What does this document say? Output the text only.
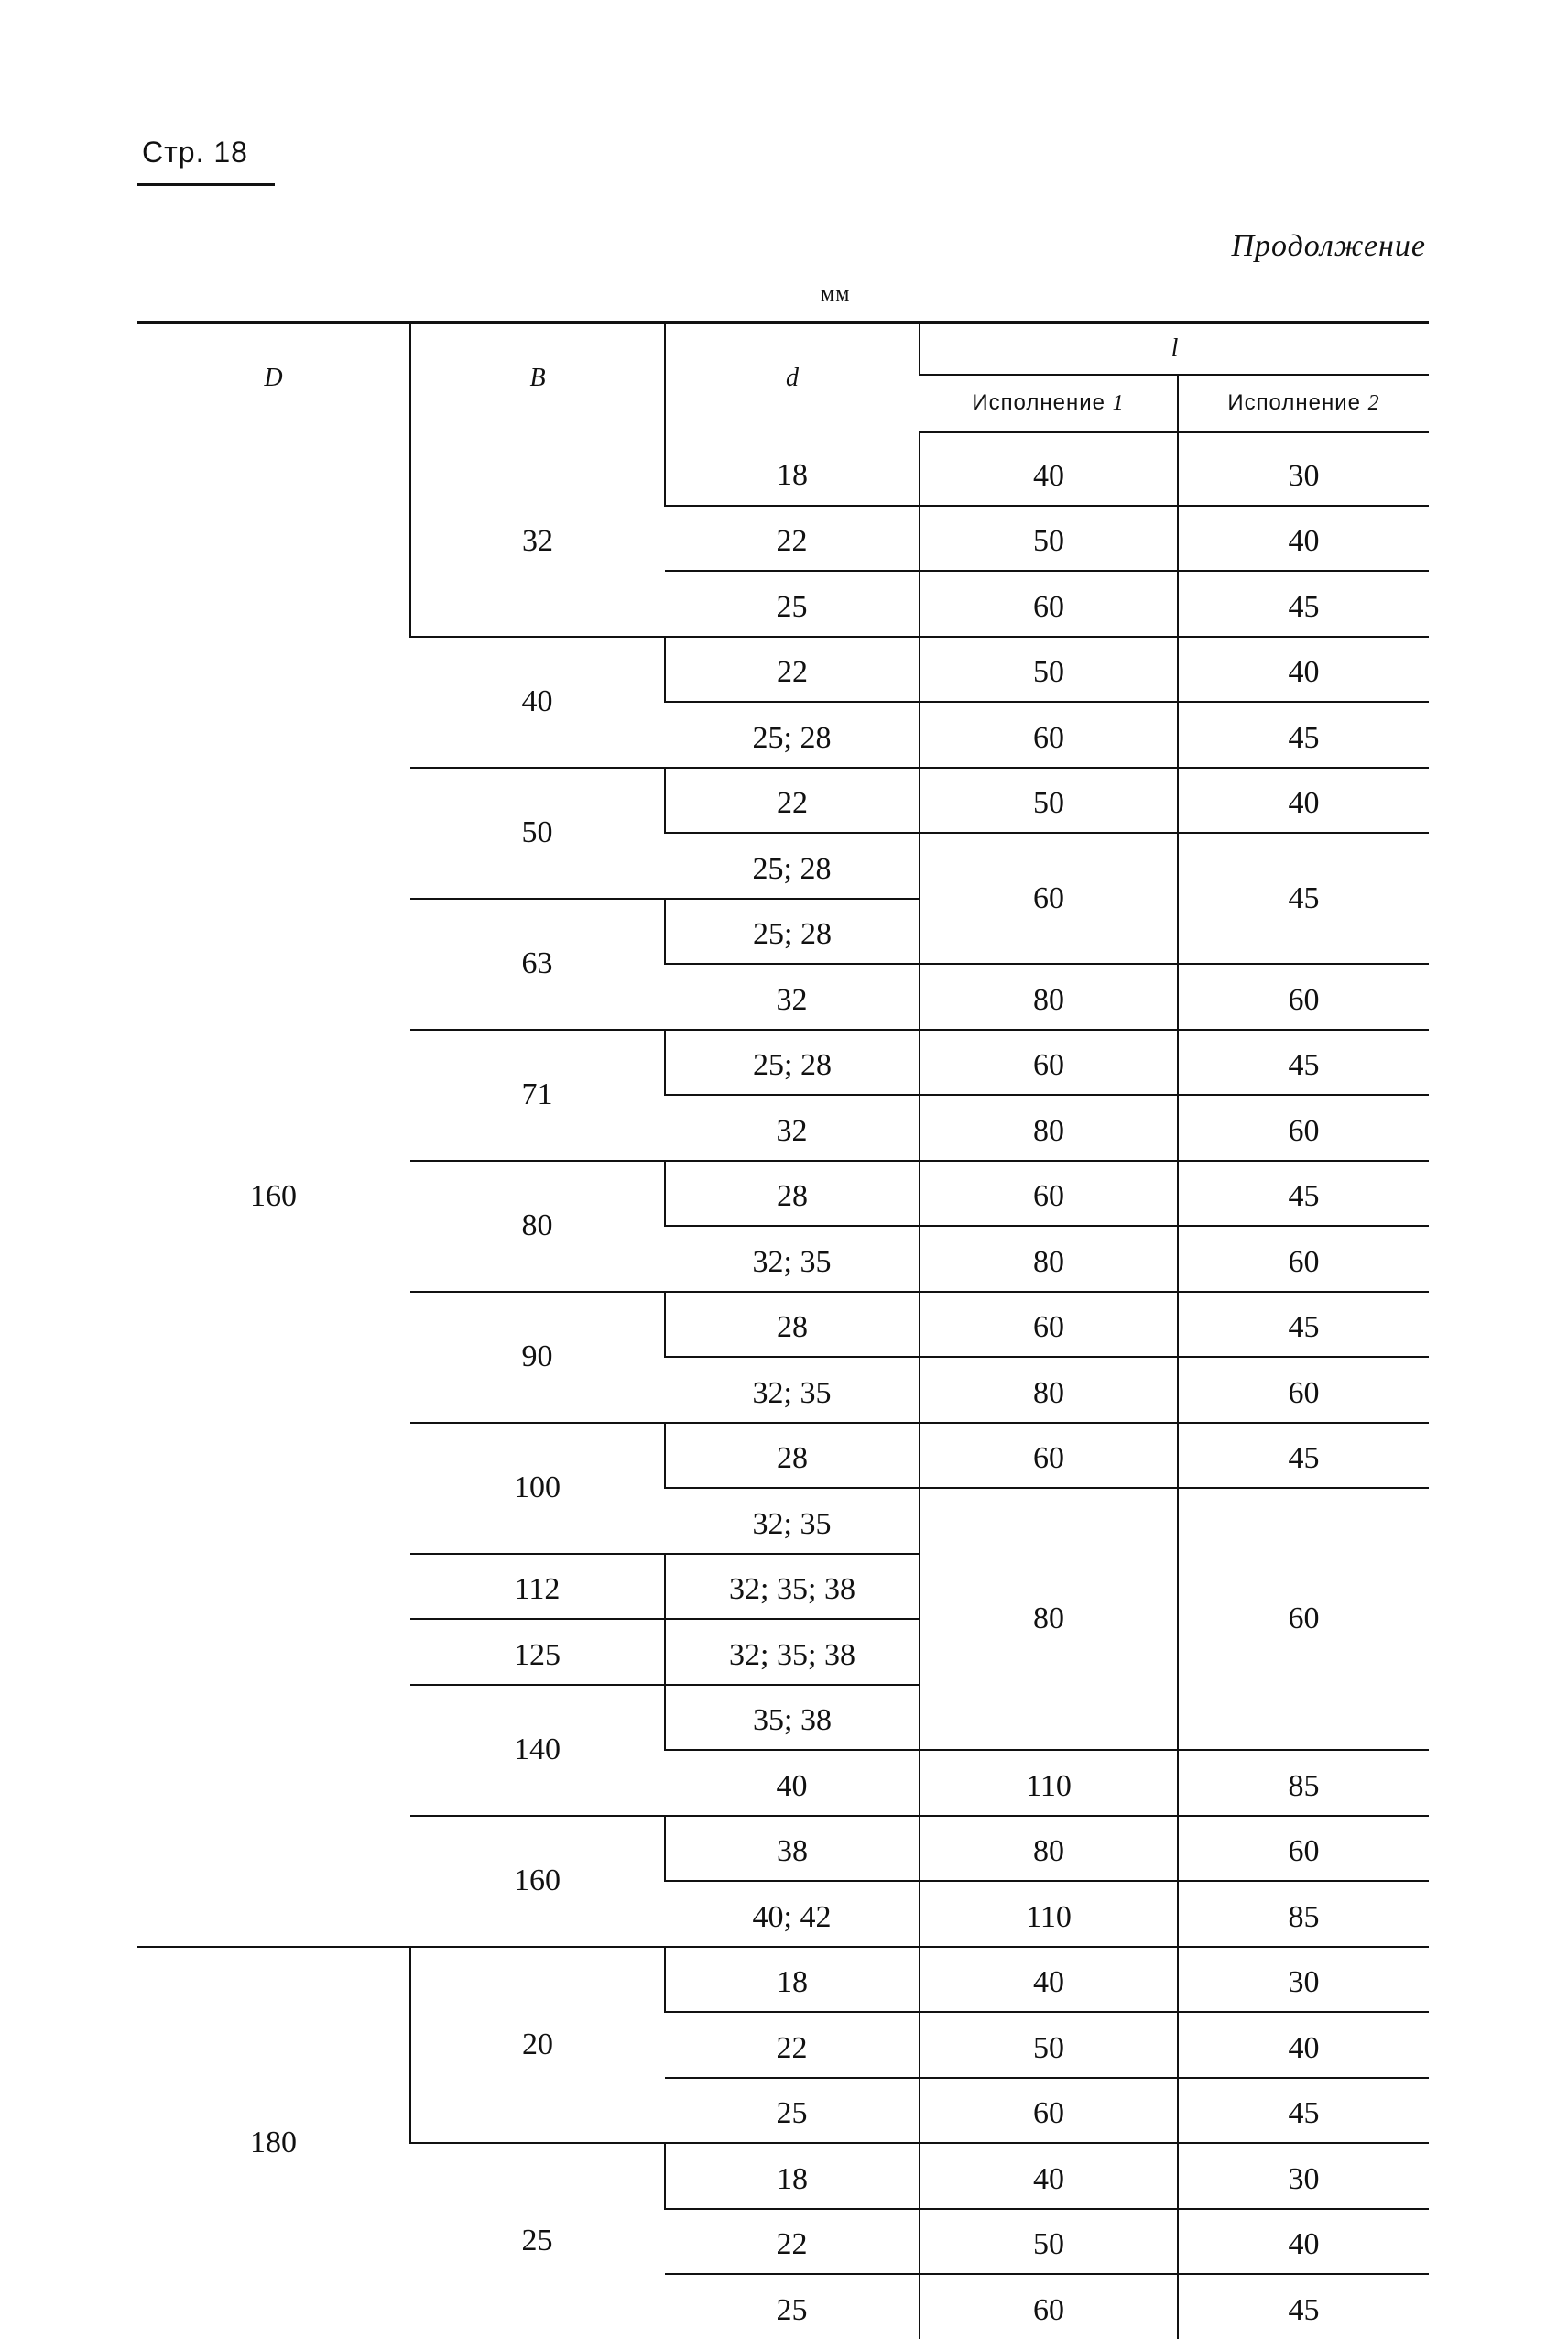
Стр. 18
Продолжение
мм
D	B	d	l	
			Исполнение 1	Исполнение 2
160	32	18	40	30
		22	50	40
		25	60	45
	40	22	50	40
		25; 28	60	45
	50	22	50	40
		25; 28	60	45
	63	25; 28		
		32	80	60
	71	25; 28	60	45
		32	80	60
	80	28	60	45
		32; 35	80	60
	90	28	60	45
		32; 35	80	60
	100	28	60	45
		32; 35	80	60
	112	32; 35; 38		
	125	32; 35; 38		
	140	35; 38		
		40	110	85
	160	38	80	60
		40; 42	110	85
180	20	18	40	30
		22	50	40
		25	60	45
	25	18	40	30
		22	50	40
		25	60	45
